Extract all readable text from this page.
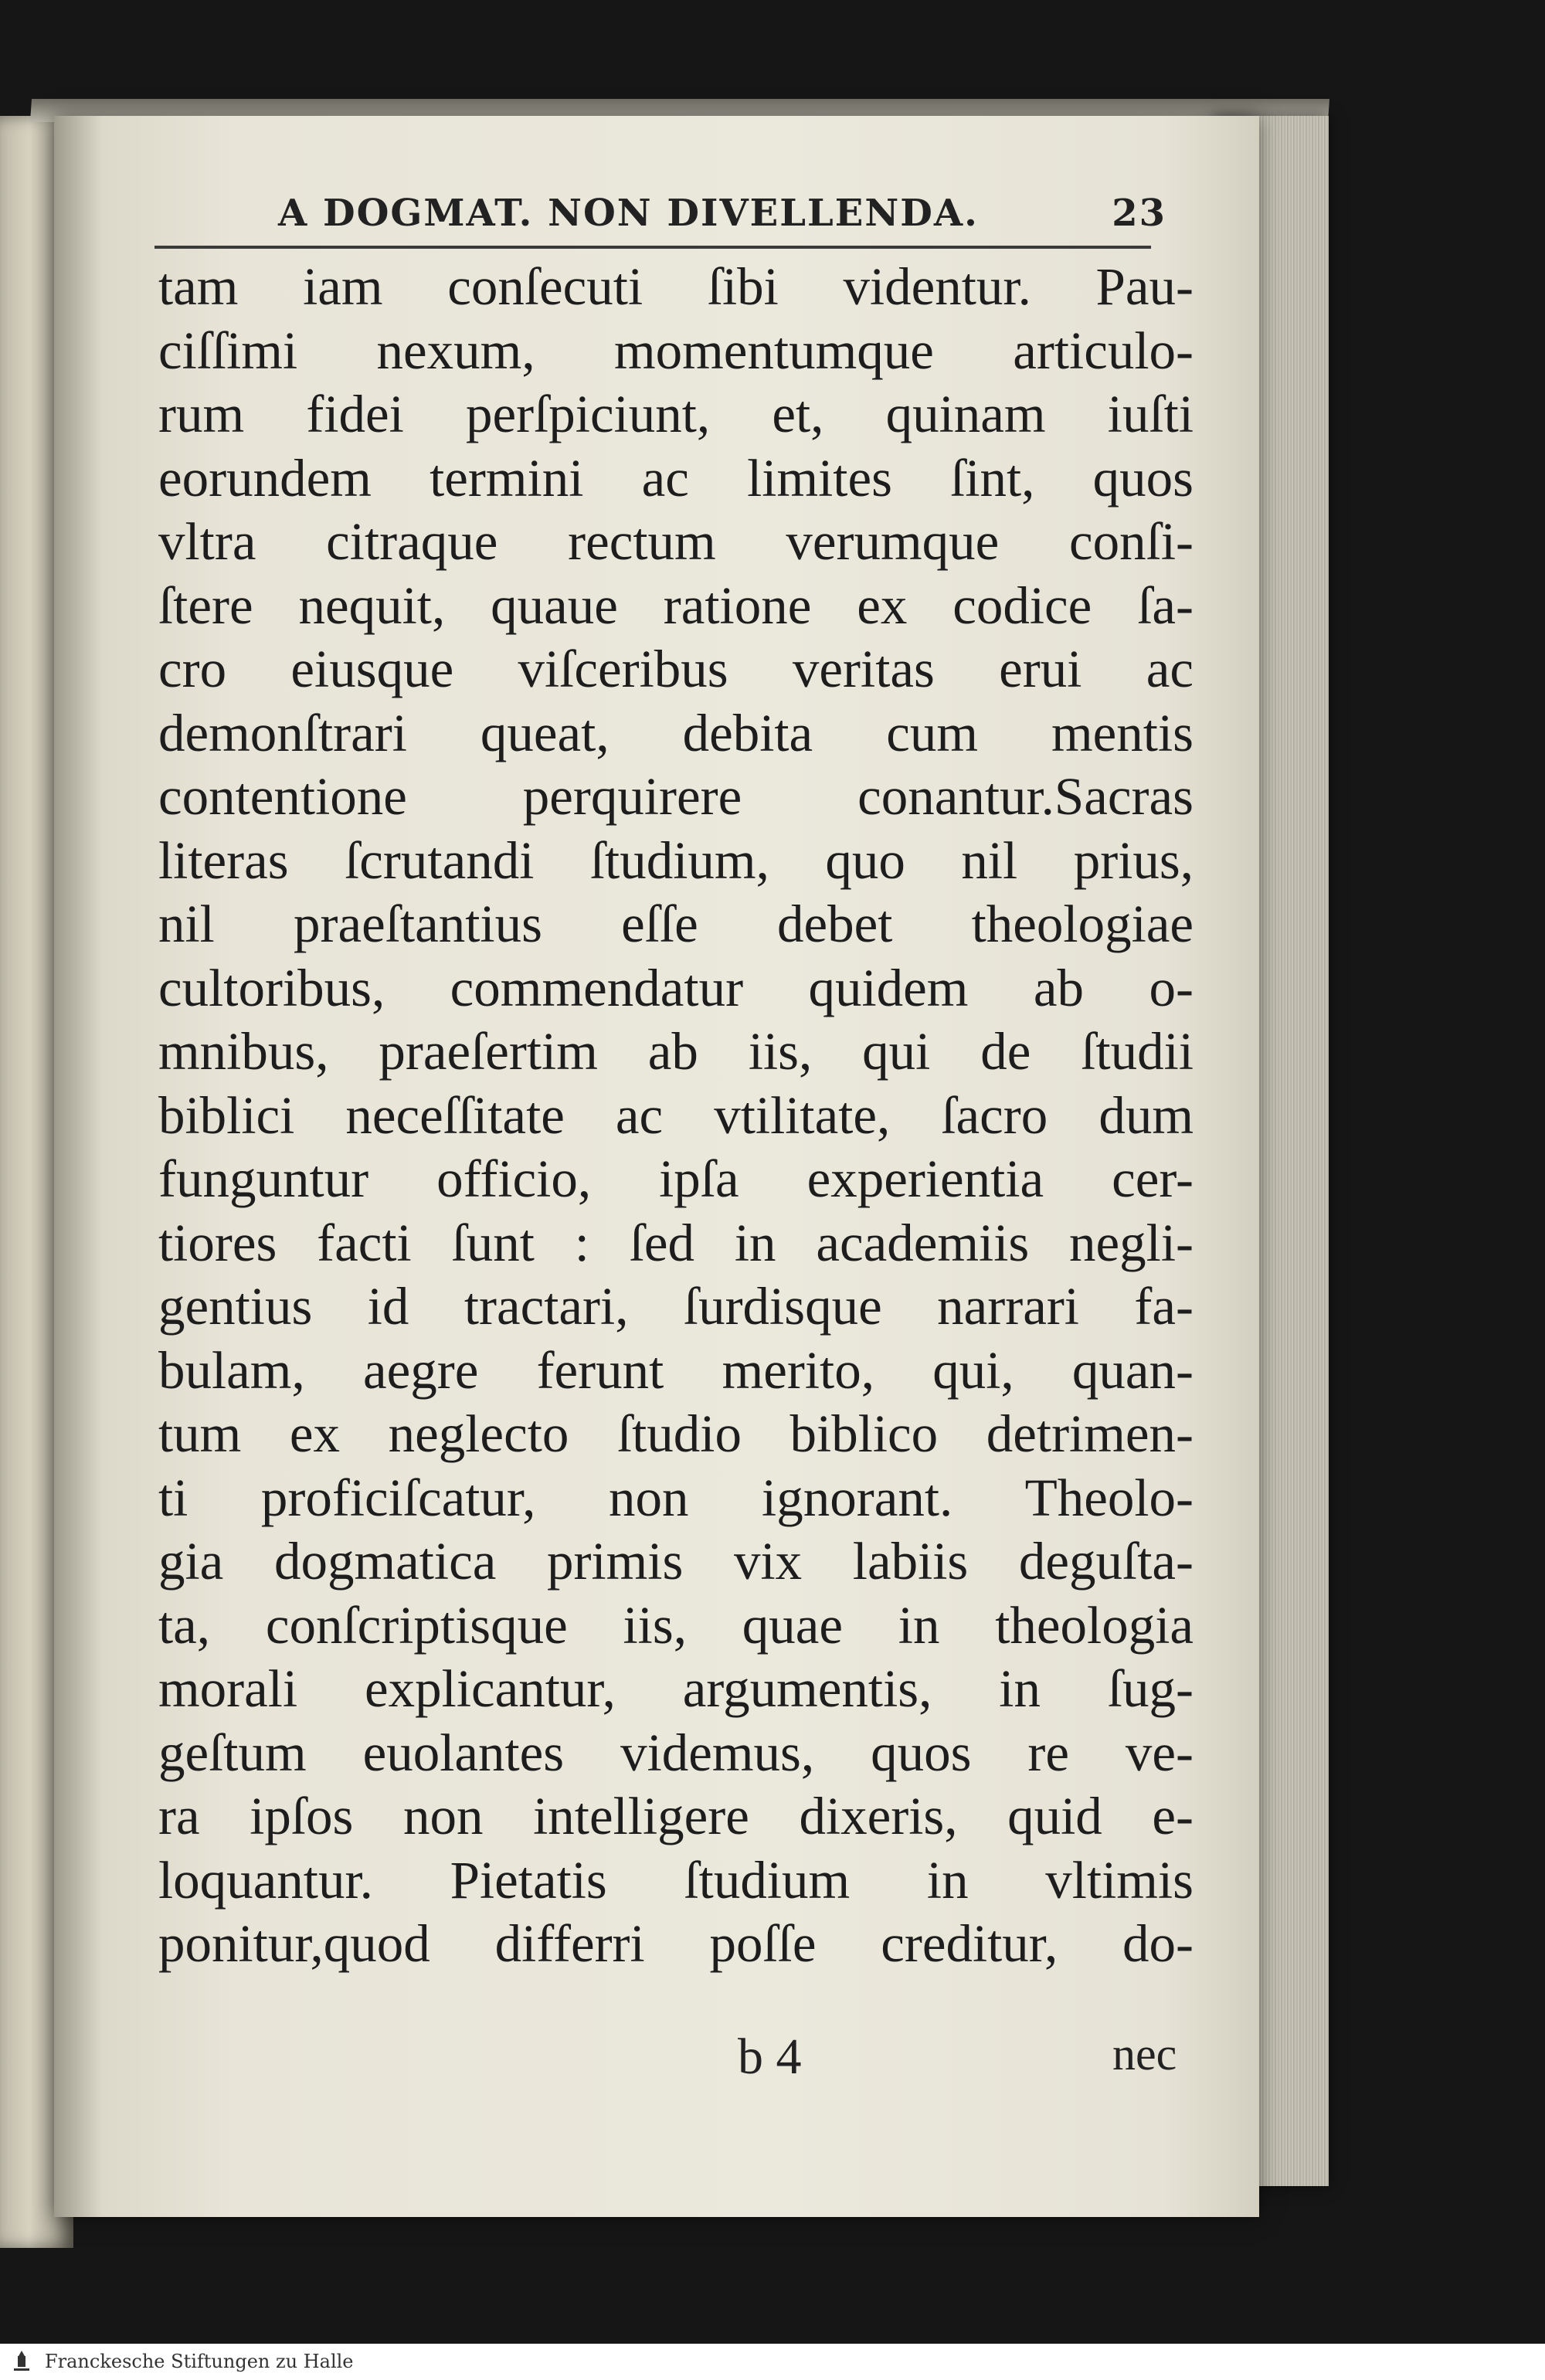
A DOGMAT. NON DIVELLENDA.	23
tam iam conſecuti ſibi videntur. Pau-
ciſſimi nexum, momentumque articulo-
rum fidei perſpiciunt, et, quinam iuſti
eorundem termini ac limites ſint, quos
vltra citraque rectum verumque conſi-
ſtere nequit, quaue ratione ex codice ſa-
cro eiusque viſceribus veritas erui ac
demonſtrari queat, debita cum mentis
contentione perquirere conantur.Sacras
literas ſcrutandi ſtudium, quo nil prius,
nil praeſtantius eſſe debet theologiae
cultoribus, commendatur quidem ab o-
mnibus, praeſertim ab iis, qui de ſtudii
biblici neceſſitate ac vtilitate, ſacro dum
funguntur officio, ipſa experientia cer-
tiores facti ſunt : ſed in academiis negli-
gentius id tractari, ſurdisque narrari fa-
bulam, aegre ferunt merito, qui, quan-
tum ex neglecto ſtudio biblico detrimen-
ti proficiſcatur, non ignorant. Theolo-
gia dogmatica primis vix labiis deguſta-
ta, conſcriptisque iis, quae in theologia
morali explicantur, argumentis, in ſug-
geſtum euolantes videmus, quos re ve-
ra ipſos non intelligere dixeris, quid e-
loquantur. Pietatis ſtudium in vltimis
ponitur,quod differri poſſe creditur, do-
b 4	nec
Franckesche Stiftungen zu Halle
